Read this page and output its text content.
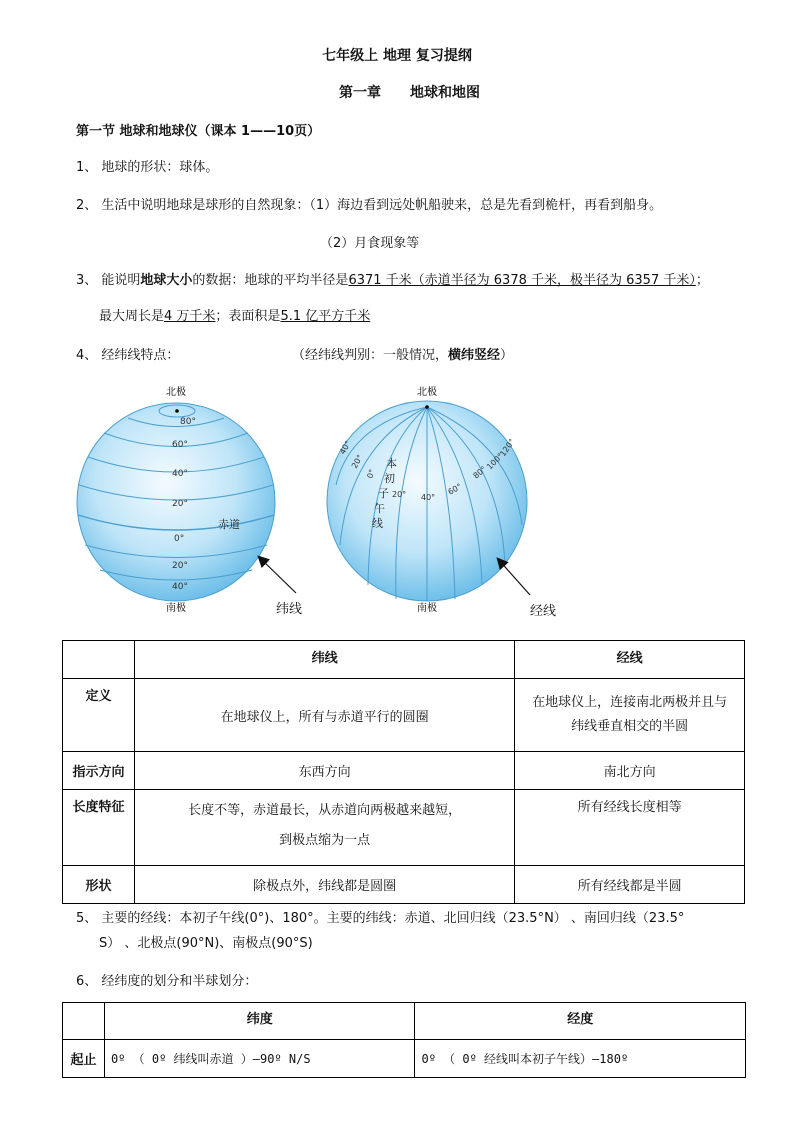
七年级上 地理 复习提纲
第一章 地球和地图
第一节 地球和地球仪（课本 1——10页）
1、 地球的形状：球体。
2、 生活中说明地球是球形的自然现象：（1）海边看到远处帆船驶来，总是先看到桅杆，再看到船身。
（2）月食现象等
3、 能说明地球大小的数据：地球的平均半径是6371 千米（赤道半径为 6378 千米，极半径为 6357 千米）；
最大周长是4 万千米；表面积是5.1 亿平方千米
4、 经纬线特点：	（经纬线判别：一般情况，横纬竖经）
北极
南极
80°
60°
40°
20°
0°
20°
40°
赤道
纬线
北极
南极
本
初
子
午
线
40°
20°
0°
20° 40°
60°
80°
100°
120°
经线
	纬线	经线
定义	在地球仪上，所有与赤道平行的圆圈	在地球仪上，连接南北两极并且与
纬线垂直相交的半圆

指示方向	东西方向	南北方向
长度特征	长度不等，赤道最长，从赤道向两极越来越短，
到极点缩为一点	所有经线长度相等
形状	除极点外，纬线都是圆圈	所有经线都是半圆
5、 主要的经线：本初子午线(0°)、180°。主要的纬线：赤道、北回归线（23.5°N） 、南回归线（23.5°
S） 、北极点(90°N)、南极点(90°S)
6、 经纬度的划分和半球划分：
	纬度	经度
起止	0º （ 0º 纬线叫赤道 ）—90º N/S	0º （ 0º 经线叫本初子午线）—180º
